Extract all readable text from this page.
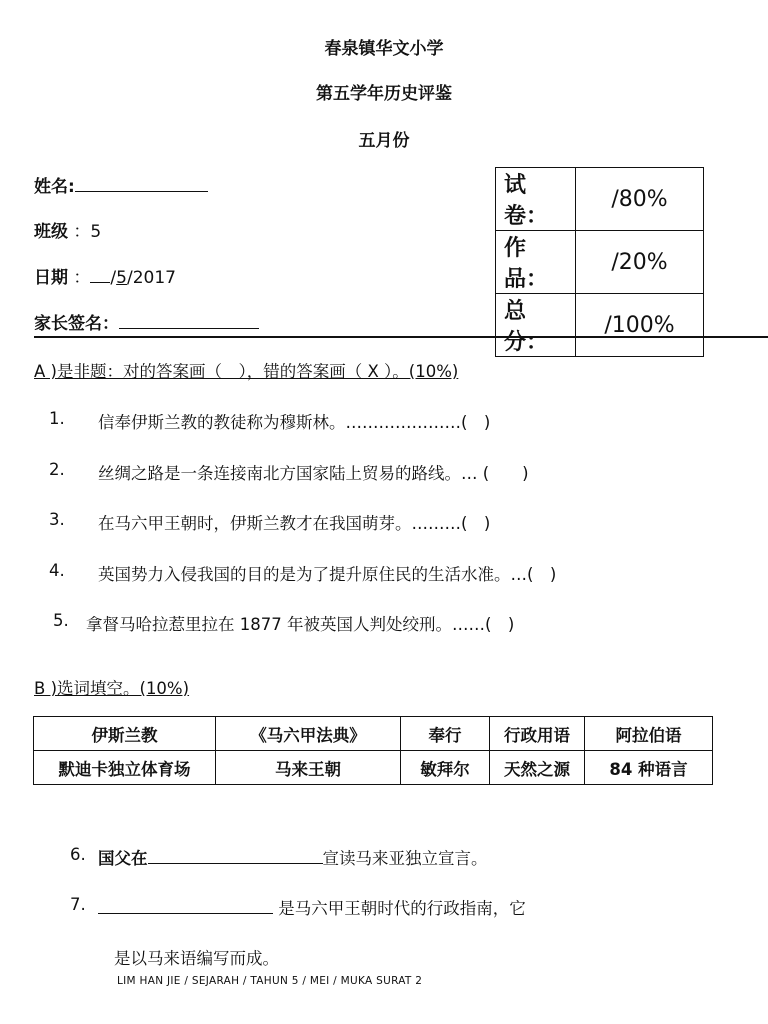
春泉镇华文小学
第五学年历史评鉴
五月份
姓名:
班级 ：5
日期 ： /5/2017
家长签名：
试卷：	/80%
作品：	/20%
总分：	/100%
A )是非题：对的答案画（　），错的答案画（ X ）。(10%)
1. 信奉伊斯兰教的教徒称为穆斯林。…………………(　)
2. 丝绸之路是一条连接南北方国家陆上贸易的路线。… (　　)
3. 在马六甲王朝时，伊斯兰教才在我国萌芽。………(　)
4. 英国势力入侵我国的目的是为了提升原住民的生活水准。…(　)
5. 拿督马哈拉惹里拉在 1877 年被英国人判处绞刑。……(　)
B )选词填空。(10%)
伊斯兰教	《马六甲法典》	奉行	行政用语	阿拉伯语
默迪卡独立体育场	马来王朝	敏拜尔	天然之源	84 种语言
6. 国父在	宣读马来亚独立宣言。
7.	是马六甲王朝时代的行政指南，它
是以马来语编写而成。
LIM HAN JIE / SEJARAH / TAHUN 5 / MEI / MUKA SURAT 2
